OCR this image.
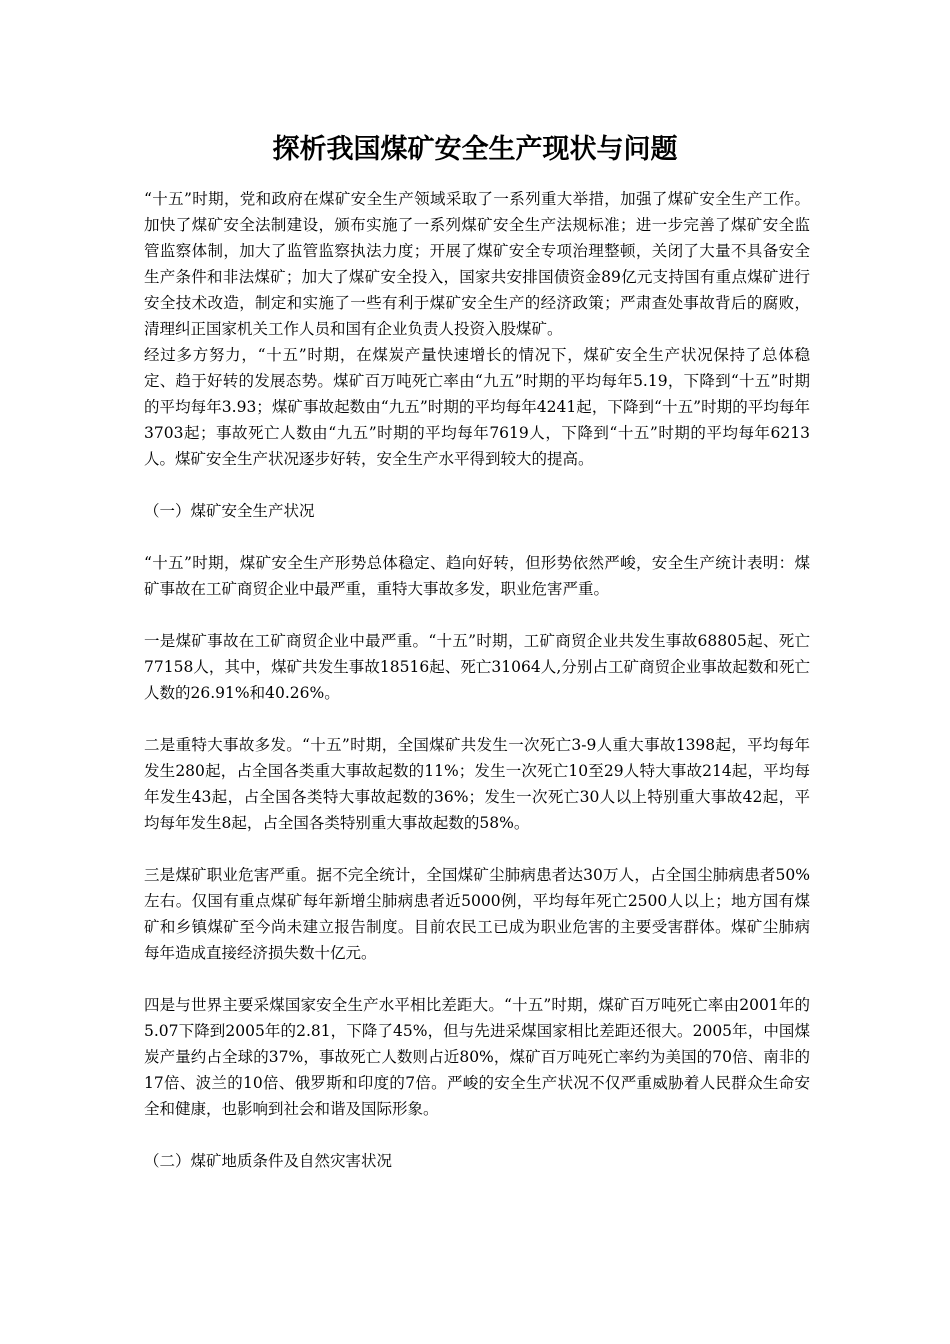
探析我国煤矿安全生产现状与问题

“十五”时期，党和政府在煤矿安全生产领域采取了一系列重大举措，加强了煤矿安全生产工作。加快了煤矿安全法制建设，颁布实施了一系列煤矿安全生产法规标准；进一步完善了煤矿安全监管监察体制，加大了监管监察执法力度；开展了煤矿安全专项治理整顿，关闭了大量不具备安全生产条件和非法煤矿；加大了煤矿安全投入，国家共安排国债资金89亿元支持国有重点煤矿进行安全技术改造，制定和实施了一些有利于煤矿安全生产的经济政策；严肃查处事故背后的腐败，清理纠正国家机关工作人员和国有企业负责人投资入股煤矿。

经过多方努力，“十五”时期，在煤炭产量快速增长的情况下，煤矿安全生产状况保持了总体稳定、趋于好转的发展态势。煤矿百万吨死亡率由“九五”时期的平均每年5.19，下降到“十五”时期的平均每年3.93；煤矿事故起数由“九五”时期的平均每年4241起，下降到“十五”时期的平均每年3703起；事故死亡人数由“九五”时期的平均每年7619人，下降到“十五”时期的平均每年6213人。煤矿安全生产状况逐步好转，安全生产水平得到较大的提高。

（一）煤矿安全生产状况

“十五”时期，煤矿安全生产形势总体稳定、趋向好转，但形势依然严峻，安全生产统计表明：煤矿事故在工矿商贸企业中最严重，重特大事故多发，职业危害严重。

一是煤矿事故在工矿商贸企业中最严重。“十五”时期，工矿商贸企业共发生事故68805起、死亡77158人，其中，煤矿共发生事故18516起、死亡31064人,分别占工矿商贸企业事故起数和死亡人数的26.91%和40.26%。

二是重特大事故多发。“十五”时期，全国煤矿共发生一次死亡3-9人重大事故1398起，平均每年发生280起，占全国各类重大事故起数的11%；发生一次死亡10至29人特大事故214起，平均每年发生43起，占全国各类特大事故起数的36%；发生一次死亡30人以上特别重大事故42起，平均每年发生8起，占全国各类特别重大事故起数的58%。

三是煤矿职业危害严重。据不完全统计，全国煤矿尘肺病患者达30万人，占全国尘肺病患者50%左右。仅国有重点煤矿每年新增尘肺病患者近5000例，平均每年死亡2500人以上；地方国有煤矿和乡镇煤矿至今尚未建立报告制度。目前农民工已成为职业危害的主要受害群体。煤矿尘肺病每年造成直接经济损失数十亿元。

四是与世界主要采煤国家安全生产水平相比差距大。“十五”时期，煤矿百万吨死亡率由2001年的5.07下降到2005年的2.81，下降了45%，但与先进采煤国家相比差距还很大。2005年，中国煤炭产量约占全球的37%，事故死亡人数则占近80%，煤矿百万吨死亡率约为美国的70倍、南非的17倍、波兰的10倍、俄罗斯和印度的7倍。严峻的安全生产状况不仅严重威胁着人民群众生命安全和健康，也影响到社会和谐及国际形象。

（二）煤矿地质条件及自然灾害状况
